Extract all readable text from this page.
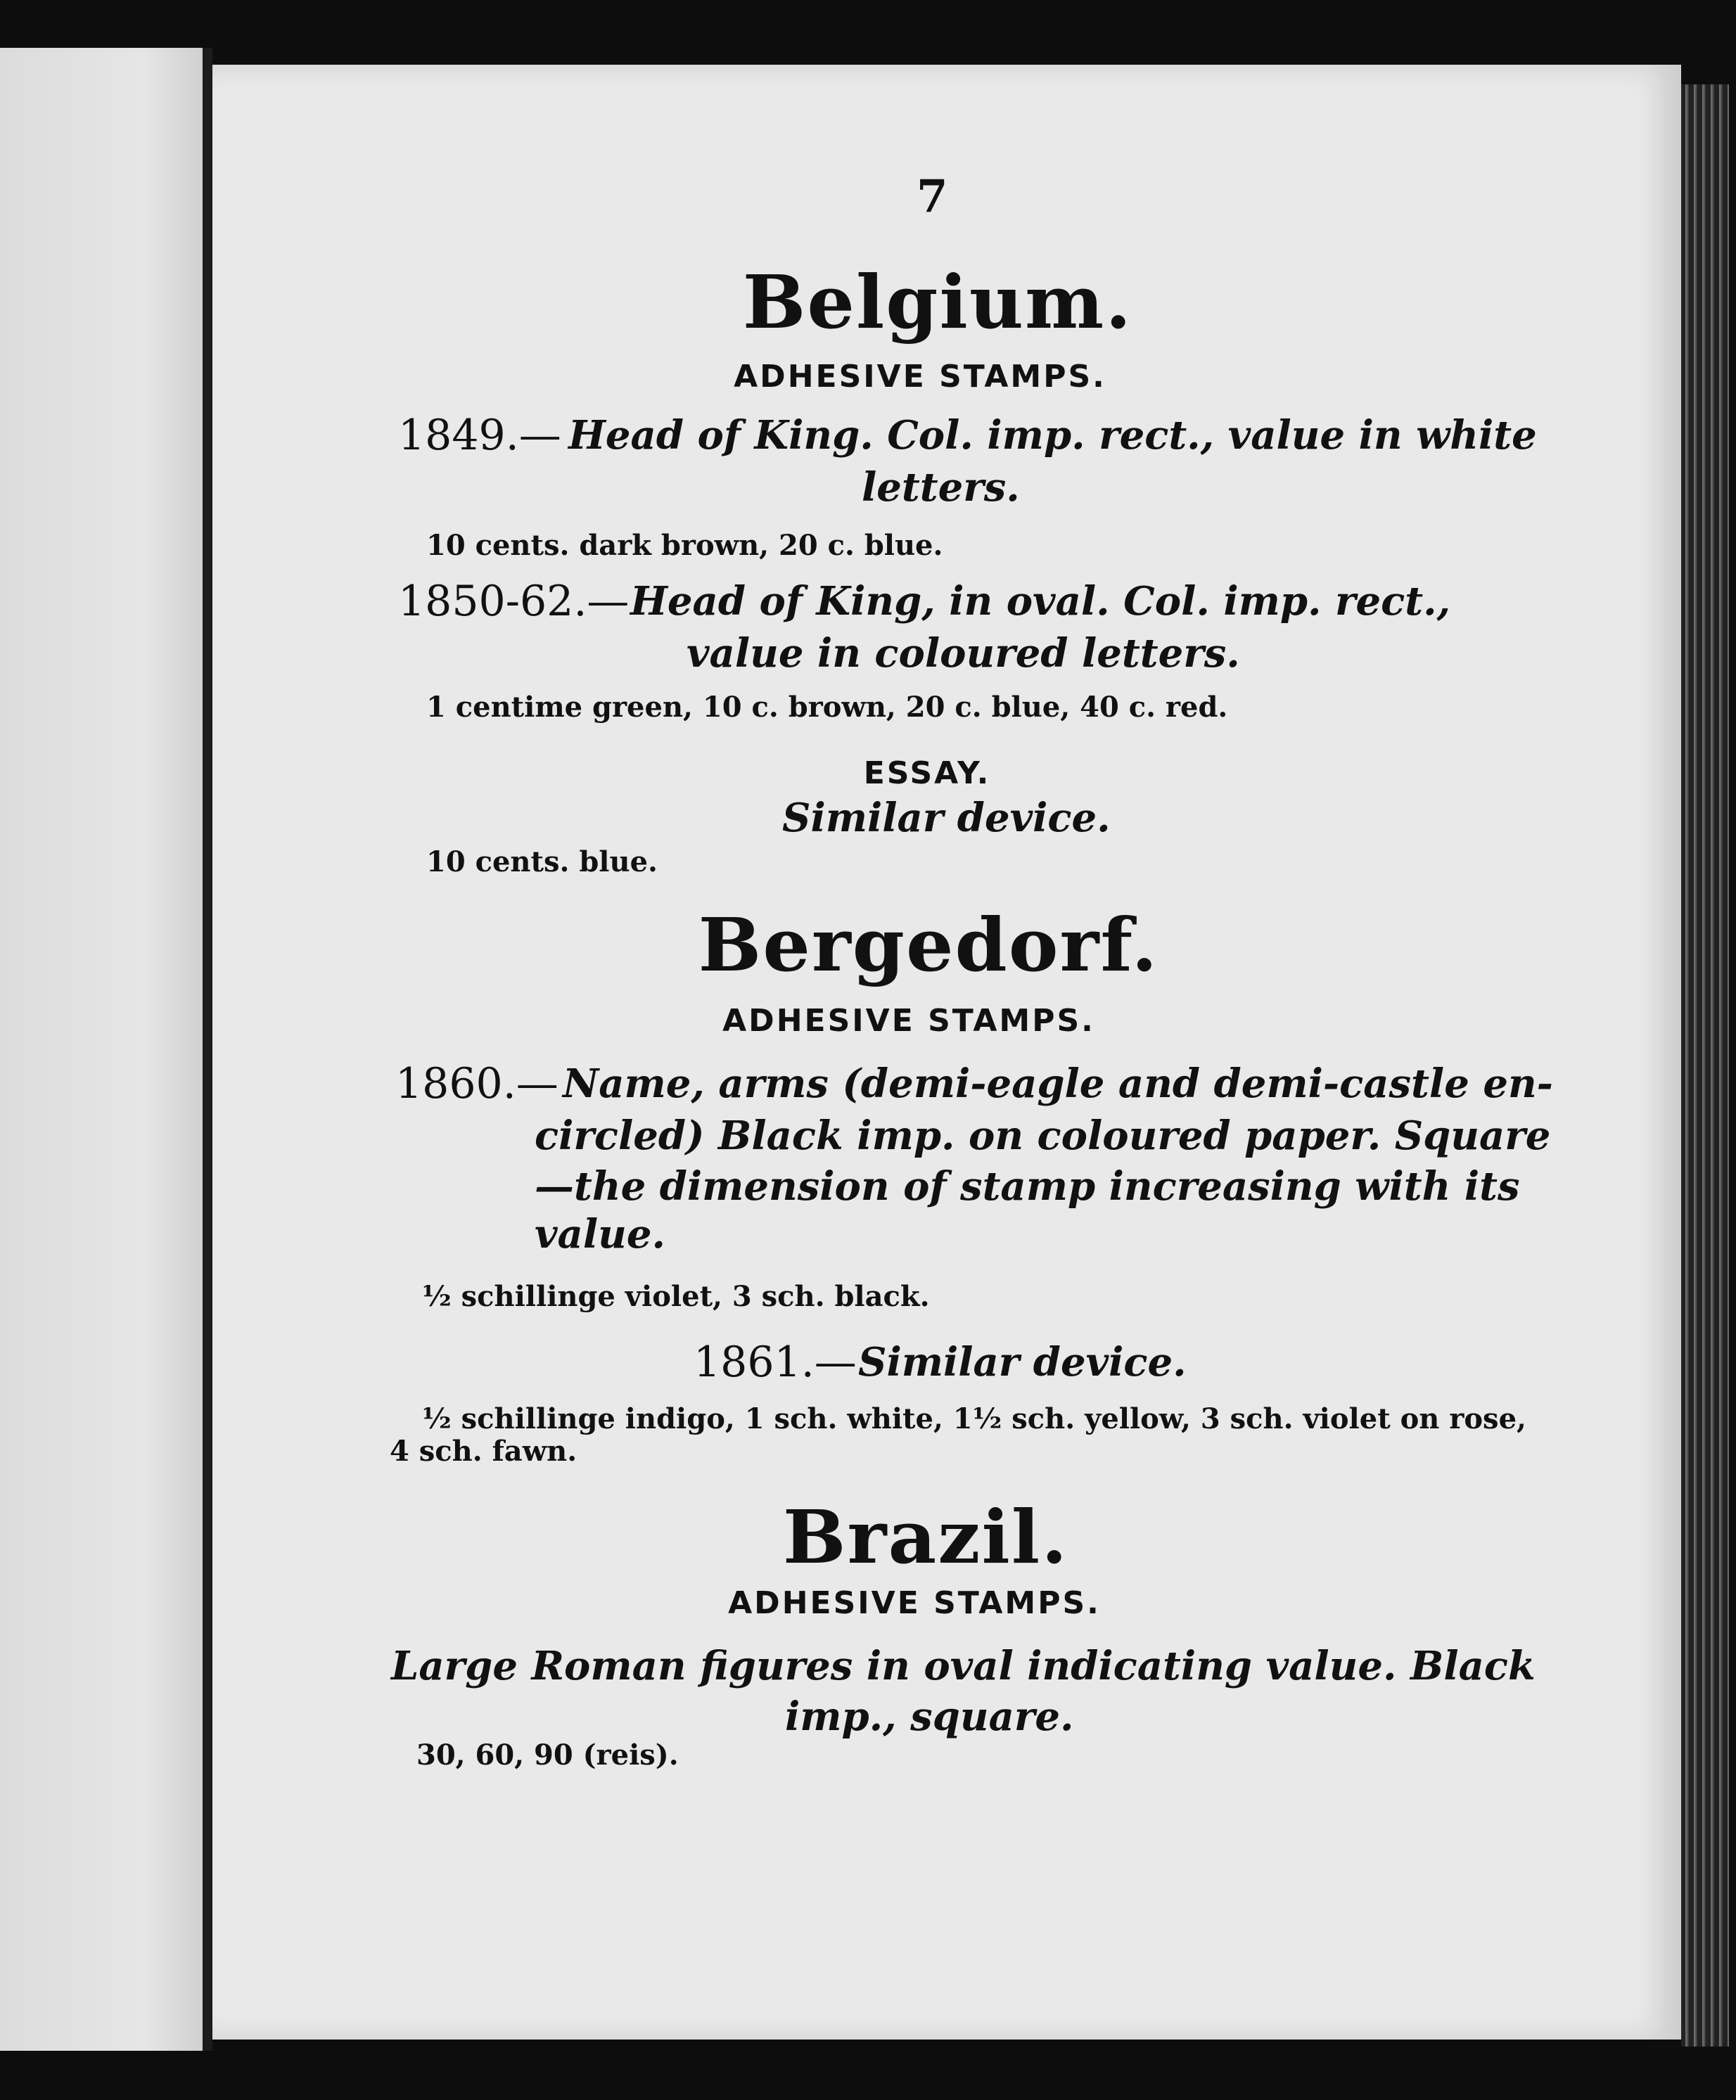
7
Belgium.
ADHESIVE STAMPS.
1849.— Head of King. Col. imp. rect., value in white
letters.
10 cents. dark brown, 20 c. blue.
1850-62.— Head of King, in oval. Col. imp. rect.,
value in coloured letters.
1 centime green, 10 c. brown, 20 c. blue, 40 c. red.
ESSAY.
Similar device.
10 cents. blue.
Bergedorf.
ADHESIVE STAMPS.
1860.— Name, arms (demi-eagle and demi-castle en-
circled) Black imp. on coloured paper. Square
—the dimension of stamp increasing with its
value.
½ schillinge violet, 3 sch. black.
1861.— Similar device.
½ schillinge indigo, 1 sch. white, 1½ sch. yellow, 3 sch. violet on rose,
4 sch. fawn.
Brazil.
ADHESIVE STAMPS.
Large Roman figures in oval indicating value. Black
imp., square.
30, 60, 90 (reis).
